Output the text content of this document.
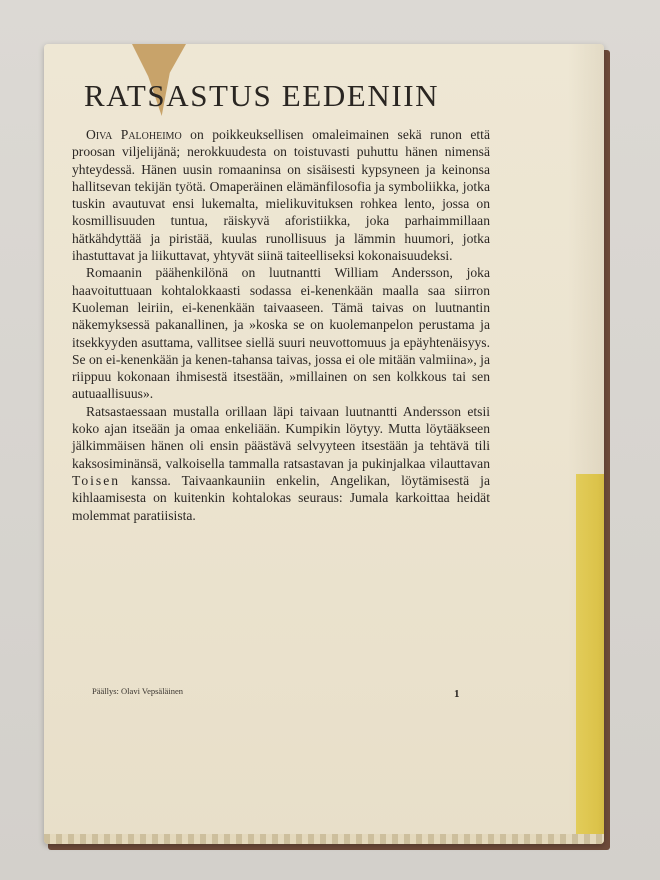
RATSASTUS EEDENIIN

Oiva Paloheimo on poikkeuksellisen omaleimainen sekä runon että proosan viljelijänä; nerokkuudesta on toistuvasti puhuttu hänen nimensä yhteydessä. Hänen uusin romaaninsa on sisäisesti kypsyneen ja keinonsa hallitsevan tekijän työtä. Omaperäinen elämänfilosofia ja symboliikka, jotka tuskin avautuvat ensi lukemalta, mielikuvituksen rohkea lento, jossa on kosmillisuuden tuntua, räiskyvä aforistiikka, joka parhaimmillaan hätkähdyttää ja piristää, kuulas runollisuus ja lämmin huumori, jotka ihastuttavat ja liikuttavat, yhtyvät siinä taiteelliseksi kokonaisuudeksi.

Romaanin päähenkilönä on luutnantti William Andersson, joka haavoituttuaan kohtalokkaasti sodassa ei-kenenkään maalla saa siirron Kuoleman leiriin, ei-kenenkään taivaaseen. Tämä taivas on luutnantin näkemyksessä pakanallinen, ja »koska se on kuolemanpelon perustama ja itsekkyyden asuttama, vallitsee siellä suuri neuvottomuus ja epäyhtenäisyys. Se on ei-kenenkään ja kenen-tahansa taivas, jossa ei ole mitään valmiina», ja riippuu kokonaan ihmisestä itsestään, »millainen on sen kolkkous tai sen autuaallisuus».

Ratsastaessaan mustalla orillaan läpi taivaan luutnantti Andersson etsii koko ajan itseään ja omaa enkeliään. Kumpikin löytyy. Mutta löytääkseen jälkimmäisen hänen oli ensin päästävä selvyyteen itsestään ja tehtävä tili kaksosiminänsä, valkoisella tammalla ratsastavan ja pukinjalkaa vilauttavan Toisen kanssa. Taivaankauniin enkelin, Angelikan, löytämisestä ja kihlaamisesta on kuitenkin kohtalokas seuraus: Jumala karkoittaa heidät molemmat paratiisista.

Päällys: Olavi Vepsäläinen	1
